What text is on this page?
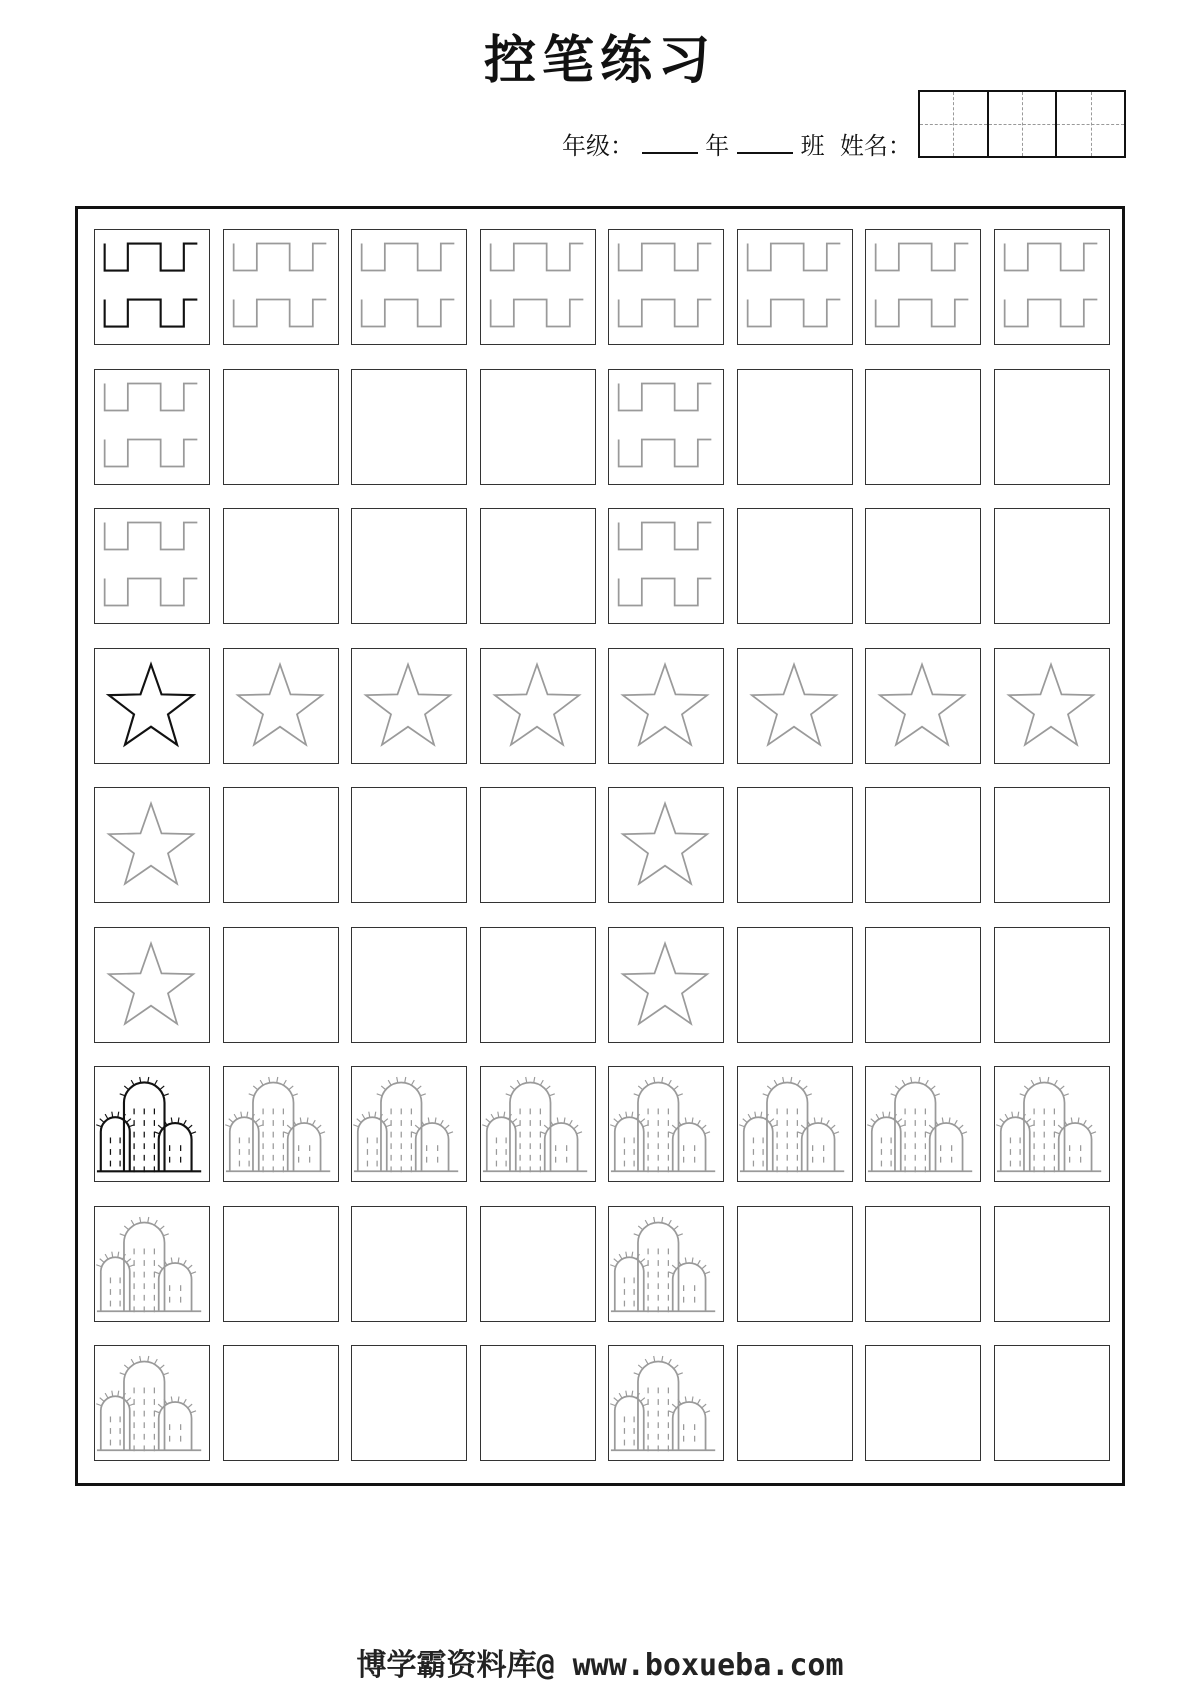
控笔练习
年级：	年	班 姓名：
博学霸资料库@ www.boxueba.com
